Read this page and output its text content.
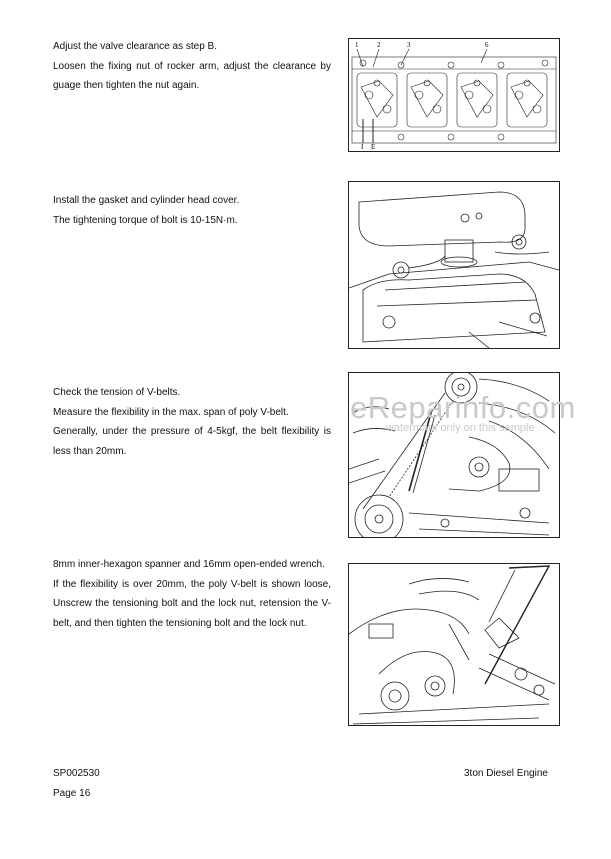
Adjust the valve clearance as step B.

Loosen the fixing nut of rocker arm, adjust the clearance by guage then tighten the nut again.

1	2	3	6
I E

Install the gasket and cylinder head cover.

The tightening torque of bolt is 10-15N·m.

Check the tension of V-belts.

Measure the flexibility in the max. span of poly V-belt.

Generally, under the pressure of 4-5kgf, the belt flexibility is less than 20mm.

8mm inner-hexagon spanner and 16mm open-ended wrench.

If the flexibility is over 20mm, the poly V-belt is shown loose, Unscrew the tensioning bolt and the lock nut, retension the V-belt, and then tighten the tensioning bolt and the lock nut.

eReparinfo.com
watermark only on this sample
SP002530
Page 16
3ton Diesel Engine
